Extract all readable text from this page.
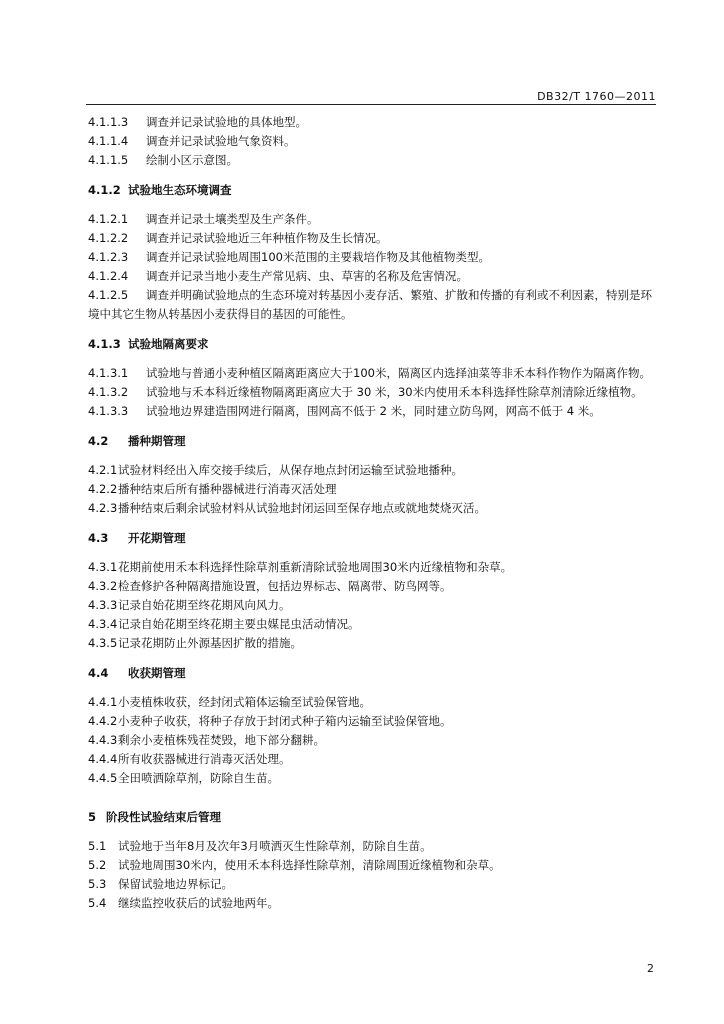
DB32/T 1760—2011
4.1.1.3 调查并记录试验地的具体地型。
4.1.1.4 调查并记录试验地气象资料。
4.1.1.5 绘制小区示意图。
4.1.2 试验地生态环境调查
4.1.2.1 调查并记录土壤类型及生产条件。
4.1.2.2 调查并记录试验地近三年种植作物及生长情况。
4.1.2.3 调查并记录试验地周围100米范围的主要栽培作物及其他植物类型。
4.1.2.4 调查并记录当地小麦生产常见病、虫、草害的名称及危害情况。
4.1.2.5 调查并明确试验地点的生态环境对转基因小麦存活、繁殖、扩散和传播的有利或不利因素，特别是环境中其它生物从转基因小麦获得目的基因的可能性。
4.1.3 试验地隔离要求
4.1.3.1 试验地与普通小麦种植区隔离距离应大于100米，隔离区内选择油菜等非禾本科作物作为隔离作物。
4.1.3.2 试验地与禾本科近缘植物隔离距离应大于 30 米，30米内使用禾本科选择性除草剂清除近缘植物。
4.1.3.3 试验地边界建造围网进行隔离，围网高不低于 2 米，同时建立防鸟网，网高不低于 4 米。
4.2 播种期管理
4.2.1试验材料经出入库交接手续后，从保存地点封闭运输至试验地播种。
4.2.2播种结束后所有播种器械进行消毒灭活处理
4.2.3播种结束后剩余试验材料从试验地封闭运回至保存地点或就地焚烧灭活。
4.3 开花期管理
4.3.1花期前使用禾本科选择性除草剂重新清除试验地周围30米内近缘植物和杂草。
4.3.2检查修护各种隔离措施设置，包括边界标志、隔离带、防鸟网等。
4.3.3记录自始花期至终花期风向风力。
4.3.4记录自始花期至终花期主要虫媒昆虫活动情况。
4.3.5记录花期防止外源基因扩散的措施。
4.4 收获期管理
4.4.1小麦植株收获，经封闭式箱体运输至试验保管地。
4.4.2小麦种子收获，将种子存放于封闭式种子箱内运输至试验保管地。
4.4.3剩余小麦植株残茬焚毁，地下部分翻耕。
4.4.4所有收获器械进行消毒灭活处理。
4.4.5全田喷洒除草剂，防除自生苗。
5 阶段性试验结束后管理
5.1 试验地于当年8月及次年3月喷洒灭生性除草剂，防除自生苗。
5.2 试验地周围30米内，使用禾本科选择性除草剂，清除周围近缘植物和杂草。
5.3 保留试验地边界标记。
5.4 继续监控收获后的试验地两年。
2
